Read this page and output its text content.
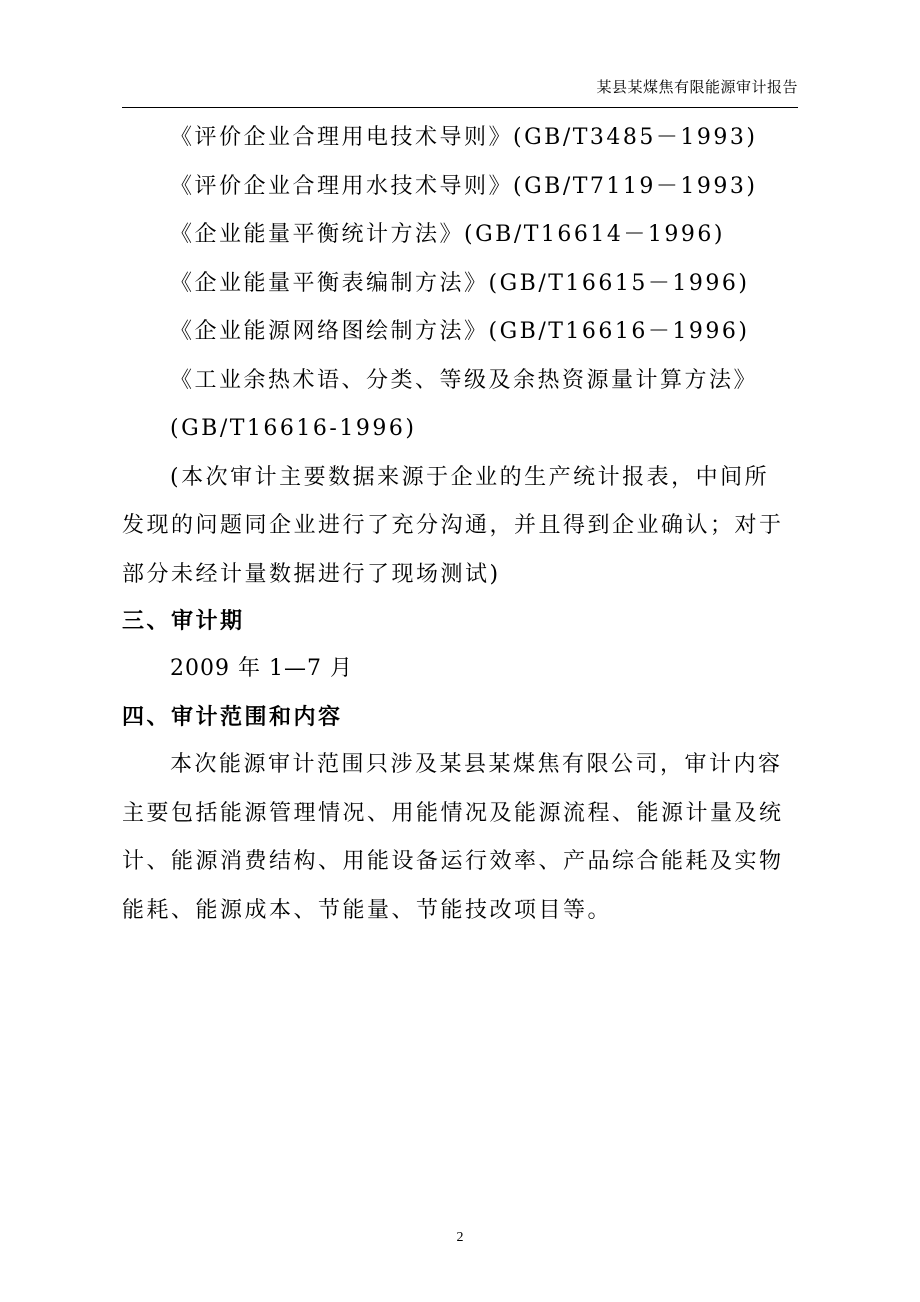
某县某煤焦有限能源审计报告
《评价企业合理用电技术导则》(GB/T3485－1993)
《评价企业合理用水技术导则》(GB/T7119－1993)
《企业能量平衡统计方法》(GB/T16614－1996)
《企业能量平衡表编制方法》(GB/T16615－1996)
《企业能源网络图绘制方法》(GB/T16616－1996)
《工业余热术语、分类、等级及余热资源量计算方法》
(GB/T16616-1996)
(本次审计主要数据来源于企业的生产统计报表，中间所
发现的问题同企业进行了充分沟通，并且得到企业确认；对于
部分未经计量数据进行了现场测试)
三、审计期
2009 年 1—7 月
四、审计范围和内容
本次能源审计范围只涉及某县某煤焦有限公司，审计内容
主要包括能源管理情况、用能情况及能源流程、能源计量及统
计、能源消费结构、用能设备运行效率、产品综合能耗及实物
能耗、能源成本、节能量、节能技改项目等。
2
